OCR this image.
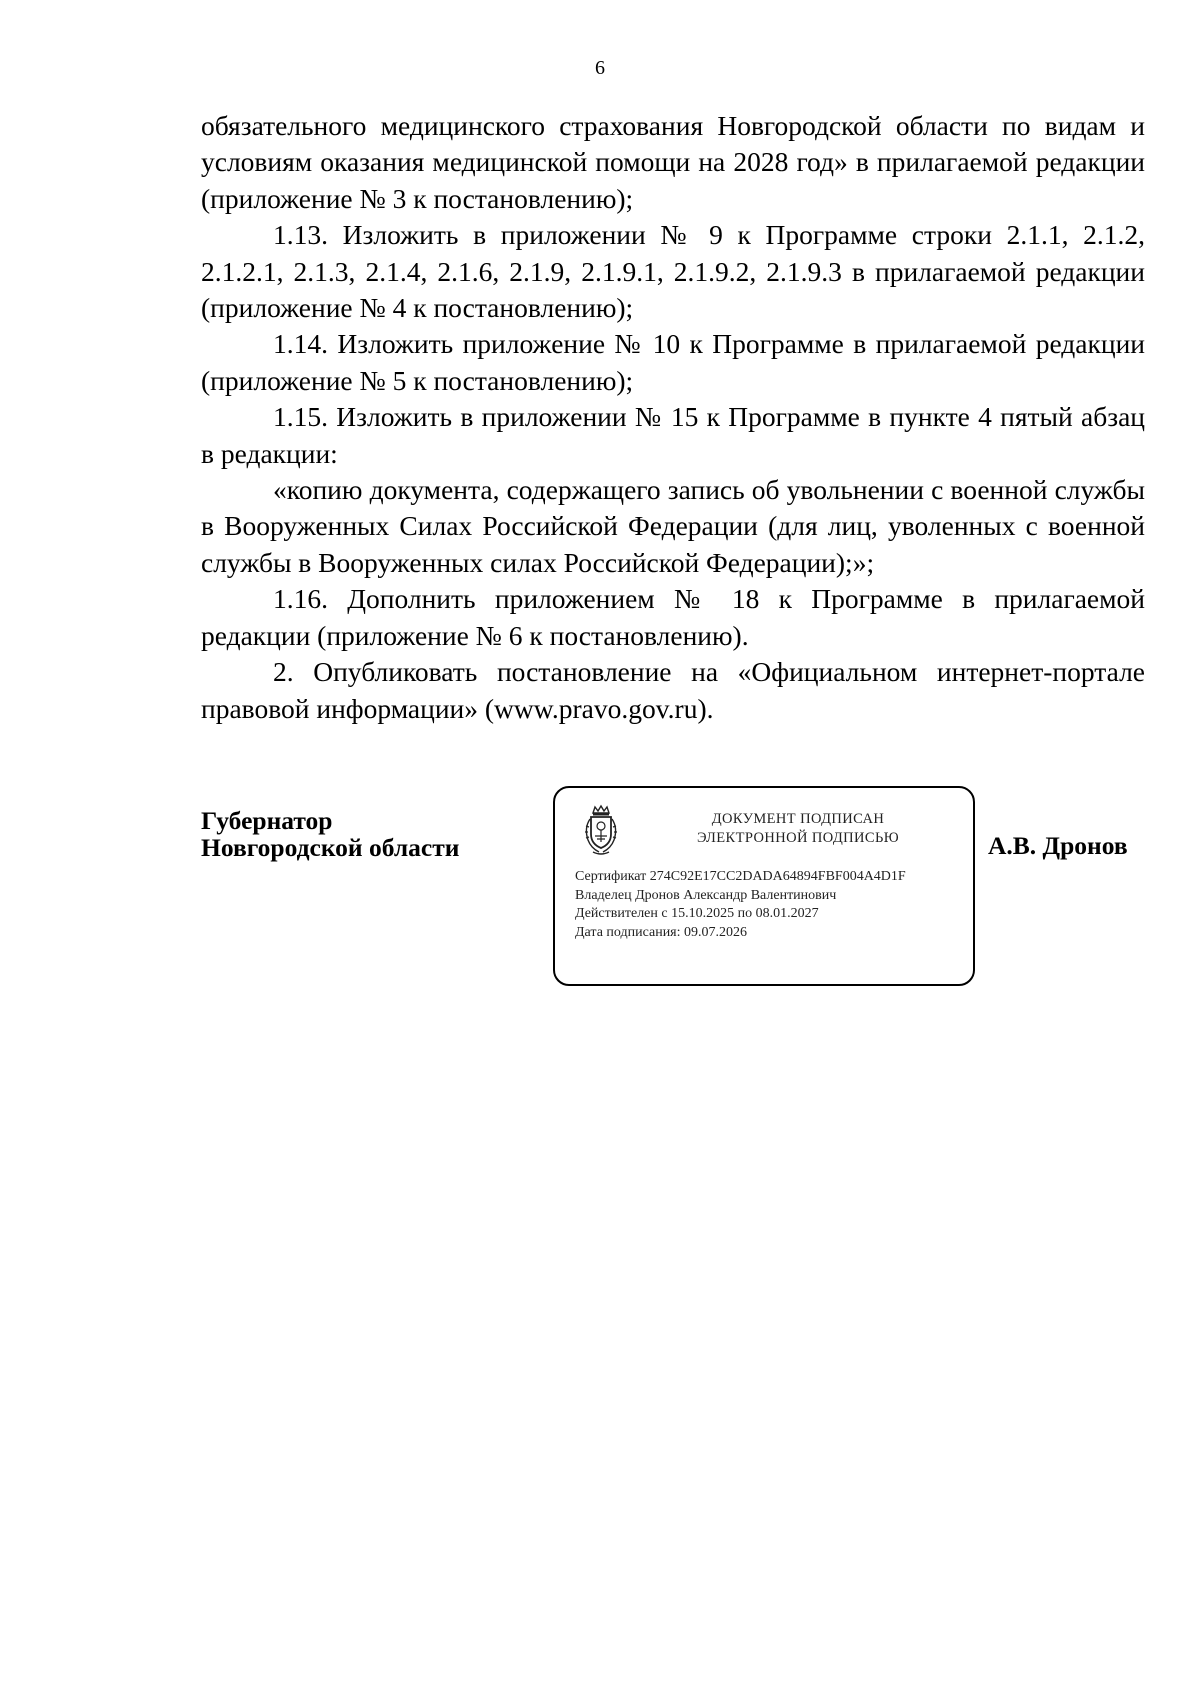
6

обязательного медицинского страхования Новгородской области по видам и условиям оказания медицинской помощи на 2028 год» в прилагаемой редакции (приложение № 3 к постановлению);

1.13. Изложить в приложении № 9 к Программе строки 2.1.1, 2.1.2, 2.1.2.1, 2.1.3, 2.1.4, 2.1.6, 2.1.9, 2.1.9.1, 2.1.9.2, 2.1.9.3 в прилагаемой редакции (приложение № 4 к постановлению);

1.14. Изложить приложение № 10 к Программе в прилагаемой редакции (приложение № 5 к постановлению);

1.15. Изложить в приложении № 15 к Программе в пункте 4 пятый абзац в редакции:

«копию документа, содержащего запись об увольнении с военной службы в Вооруженных Силах Российской Федерации (для лиц, уволенных с военной службы в Вооруженных силах Российской Федерации);»;

1.16. Дополнить приложением № 18 к Программе в прилагаемой редакции (приложение № 6 к постановлению).

2. Опубликовать постановление на «Официальном интернет-портале правовой информации» (www.pravo.gov.ru).

Губернатор
Новгородской области
ДОКУМЕНТ ПОДПИСАН
ЭЛЕКТРОННОЙ ПОДПИСЬЮ
Сертификат 274C92E17CC2DADA64894FBF004A4D1F
Владелец Дронов Александр Валентинович
Действителен с 15.10.2025 по 08.01.2027
Дата подписания: 09.07.2026
А.В. Дронов
